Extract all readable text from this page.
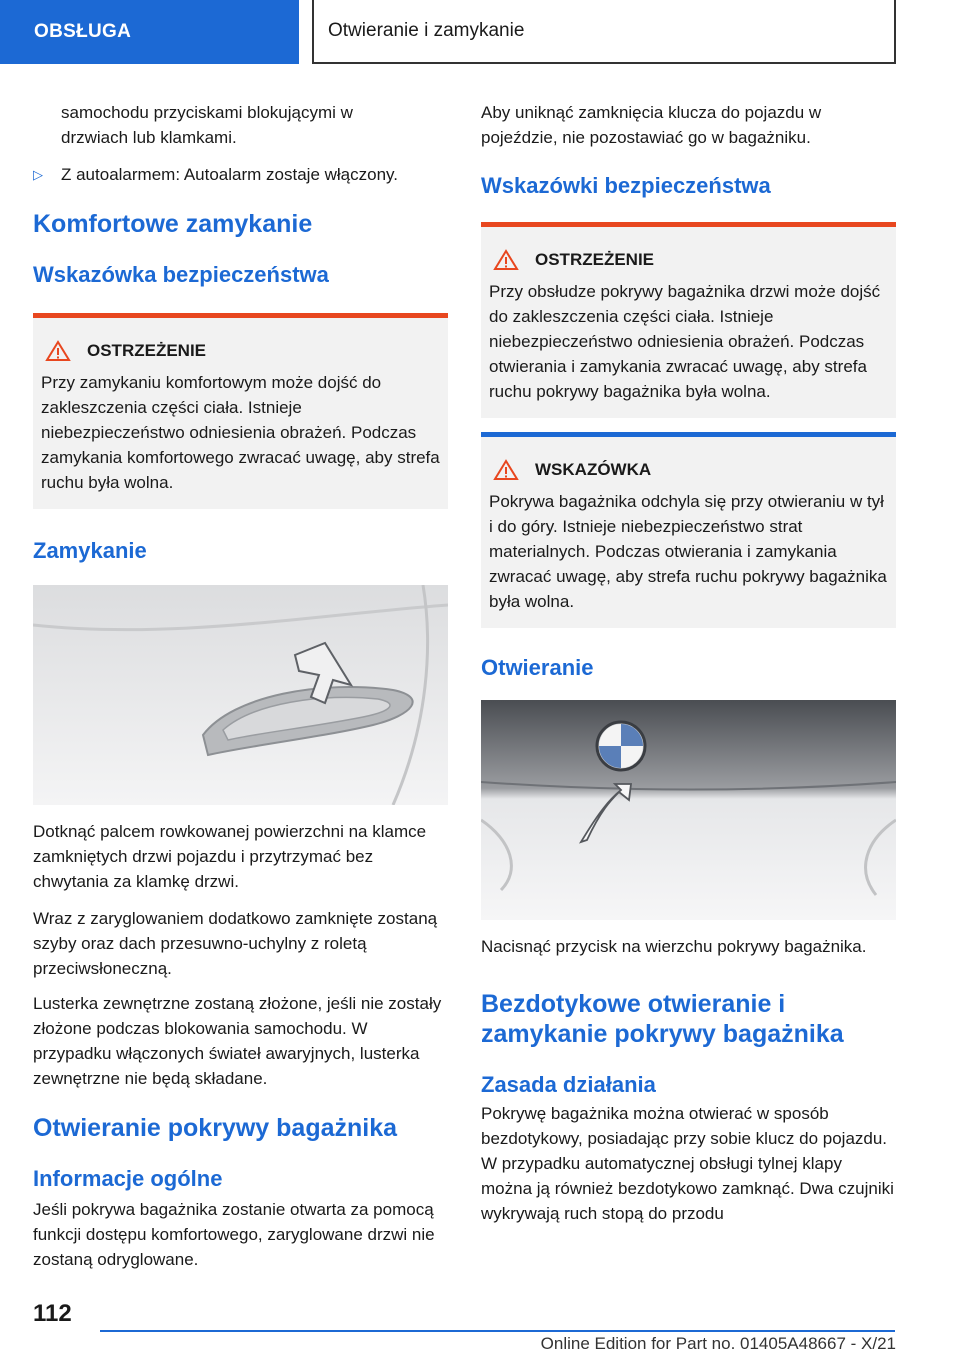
OBSŁUGA	Otwieranie i zamykanie

samochodu przyciskami blokującymi w drzwiach lub klamkami.

▷	Z autoalarmem: Autoalarm zostaje włączony.

Komfortowe zamykanie
Wskazówka bezpieczeństwa
OSTRZEŻENIE

Przy zamykaniu komfortowym może dojść do zakleszczenia części ciała. Istnieje niebezpieczeństwo odniesienia obrażeń. Podczas zamykania komfortowego zwracać uwagę, aby strefa ruchu była wolna.

Zamykanie

Dotknąć palcem rowkowanej powierzchni na klamce zamkniętych drzwi pojazdu i przytrzymać bez chwytania za klamkę drzwi.

Wraz z zaryglowaniem dodatkowo zamknięte zostaną szyby oraz dach przesuwno-uchylny z roletą przeciwsłoneczną.

Lusterka zewnętrzne zostaną złożone, jeśli nie zostały złożone podczas blokowania samochodu. W przypadku włączonych świateł awaryjnych, lusterka zewnętrzne nie będą składane.

Otwieranie pokrywy bagażnika
Informacje ogólne

Jeśli pokrywa bagażnika zostanie otwarta za pomocą funkcji dostępu komfortowego, zaryglowane drzwi nie zostaną odryglowane.

Aby uniknąć zamknięcia klucza do pojazdu w pojeździe, nie pozostawiać go w bagażniku.

Wskazówki bezpieczeństwa
OSTRZEŻENIE

Przy obsłudze pokrywy bagażnika drzwi może dojść do zakleszczenia części ciała. Istnieje niebezpieczeństwo odniesienia obrażeń. Podczas otwierania i zamykania zwracać uwagę, aby strefa ruchu pokrywy bagażnika była wolna.

WSKAZÓWKA

Pokrywa bagażnika odchyla się przy otwieraniu w tył i do góry. Istnieje niebezpieczeństwo strat materialnych. Podczas otwierania i zamykania zwracać uwagę, aby strefa ruchu pokrywy bagażnika była wolna.

Otwieranie

Nacisnąć przycisk na wierzchu pokrywy bagażnika.

Bezdotykowe otwieranie i zamykanie pokrywy bagażnika
Zasada działania

Pokrywę bagażnika można otwierać w sposób bezdotykowy, posiadając przy sobie klucz do pojazdu. W przypadku automatycznej obsługi tylnej klapy można ją również bezdotykowo zamknąć. Dwa czujniki wykrywają ruch stopą do przodu

112
Online Edition for Part no. 01405A48667 - X/21
